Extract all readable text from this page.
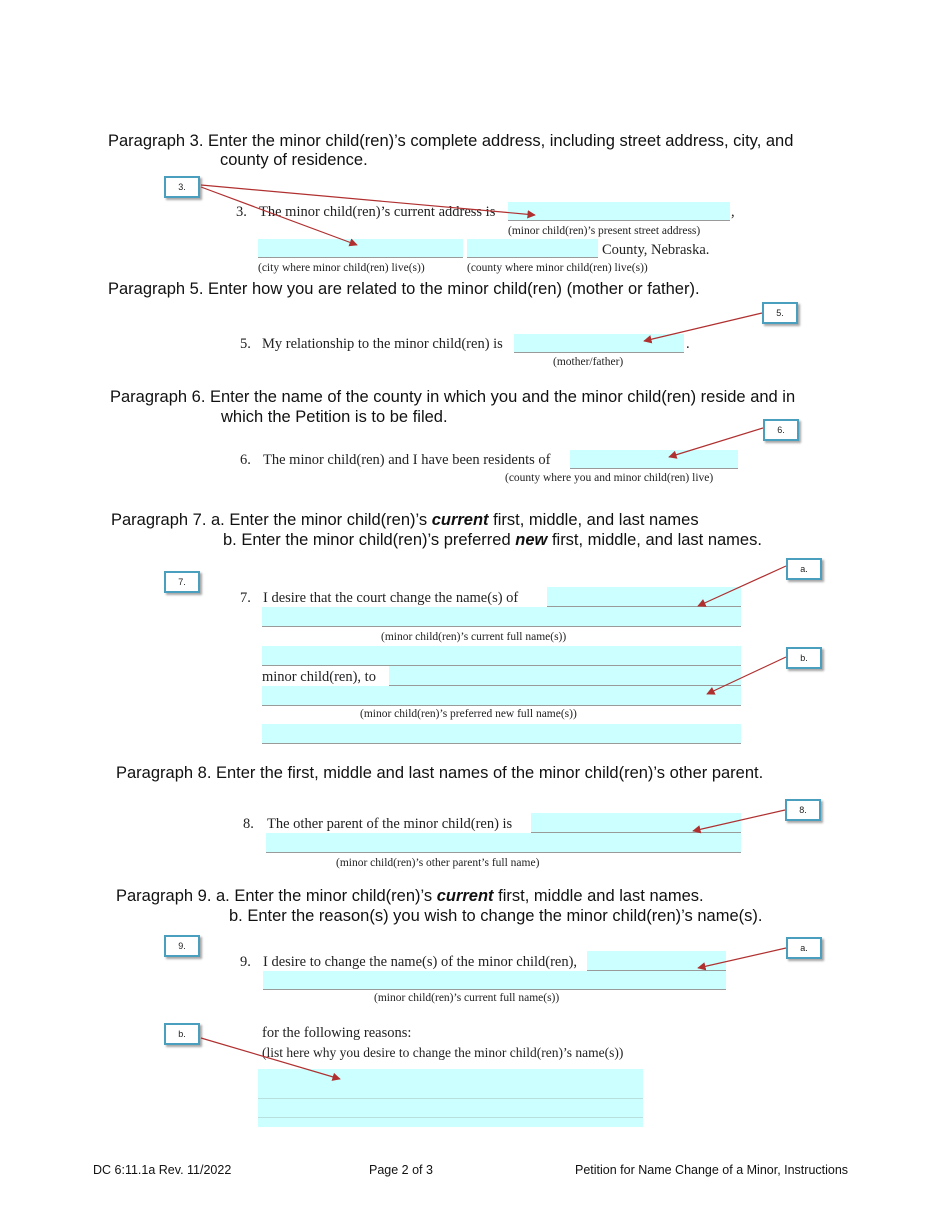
Paragraph 3. Enter the minor child(ren)’s complete address, including street address, city, and
county of residence.
3.
3. The minor child(ren)’s current address is	,
(minor child(ren)’s present street address)
County, Nebraska.
(city where minor child(ren) live(s))	(county where minor child(ren) live(s))
Paragraph 5. Enter how you are related to the minor child(ren) (mother or father).
5.
5. My relationship to the minor child(ren) is	.
(mother/father)
Paragraph 6. Enter the name of the county in which you and the minor child(ren) reside and in
which the Petition is to be filed.
6.
6. The minor child(ren) and I have been residents of
(county where you and minor child(ren) live)
Paragraph 7. a. Enter the minor child(ren)’s current first, middle, and last names
b. Enter the minor child(ren)’s preferred new first, middle, and last names.
7.
a.
b.
7. I desire that the court change the name(s) of
(minor child(ren)’s current full name(s))
minor child(ren), to
(minor child(ren)’s preferred new full name(s))
Paragraph 8. Enter the first, middle and last names of the minor child(ren)’s other parent.
8.
8. The other parent of the minor child(ren) is
(minor child(ren)’s other parent’s full name)
Paragraph 9. a. Enter the minor child(ren)’s current first, middle and last names.
b. Enter the reason(s) you wish to change the minor child(ren)’s name(s).
9.	a.
9. I desire to change the name(s) of the minor child(ren),
(minor child(ren)’s current full name(s))
b.	for the following reasons:
(list here why you desire to change the minor child(ren)’s name(s))
DC 6:11.1a Rev. 11/2022	Page 2 of 3	Petition for Name Change of a Minor, Instructions
